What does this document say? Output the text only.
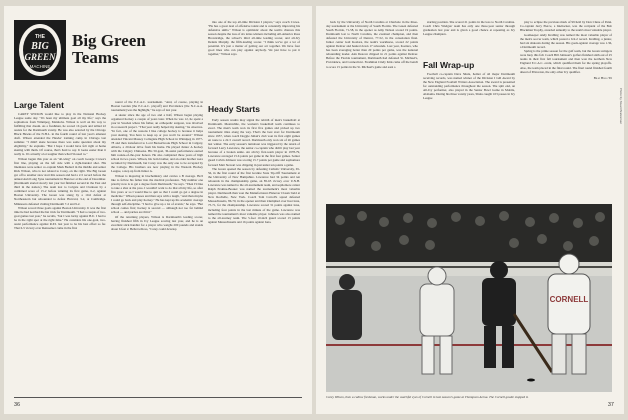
THE
BIG
GREEN
MACHINE
Big Green
Teams
Large Talent

CAREY WILSON would like to play in the National Hockey League some day. "It's been my ultimate goal all my life," says the sophomore from Winnipeg, Manitoba. Wilson is well on his way to fulfilling that dream. As a freshman, he scored 16 goals and tallied 22 assists for the Dartmouth varsity. He was also selected by the Chicago Black Hawks of the N.H.L. in the fourth round of last year's amateur draft. Wilson attended the Hawks' training camp in Chicago last summer. "I didn't skate because there was some question about my eligibility," he explains. "But I hope I would have felt right at home skating with them. Of course, that's hard to say. It looks easier than it really is. It's actually a lot tougher than what I'm used to."

Wilson began this year as an "all-wing" on coach George Crowe's first line, playing on the left side with a right-handed shot. His linemates were senior co-captain Mark Bedard in the middle and senior Rick Wilson, who is not related to Carey, on the right. The Big Green got off to another slow start this season and had a 2-5 record before the annual Auld Lang Syne tournament in Hanover at the end of December. (Dartmouth started slowly last year but finished second in the East and third in the nation.) The team lost to Colgate and Clarkson by a combined score of 15-2 before winning its first game, 6-2, against Boston University. The Green was stung by a 10-6 defeat at Northeastern but rebounded to defeat Harvard, 3-2, at Cambridge. Minnesota defeated visiting Dartmouth 7-2 and 9-2.

Wilson scored three goals against Boston University. It was the first time he had notched the hat trick for Dartmouth. "I had a couple of two-goal games last year," he recalls, "but I was lucky against B.U. I had to be in the right spot at the right time." He considers his one-goal, two-assist performance against R.P.I. last year to be his best effort so far. That 6-5 victory over Rensselaer came in the first

round of the E.C.A.C. tournament. "And, of course, playing in Boston Garden [the E.C.A.C. playoff] and Providence [the N.C.A.A. tournament] was the highlight," he says of last year.

A skater since the age of two and a half, Wilson began playing organized hockey a couple of years later. When he was 12, he spent a year in Sweden where his father, an orthopedic surgeon, was involved in a research project. "That year really helped my skating," he observes. "In fact, one of the reasons I like college hockey is because it helps your skating. You have to keep up or you won't be around." Wilson attended Vincent Massey Collegiate High School in Winnipeg in 1977-78 and then transferred to Lord Beaverbrook High School in Calgary, Alberta, a 20-hour drive from his home. He played Junior A hockey with the Calgary Chinooks. His 50-goal, 36-assist performance earned him rookie-of-the-year honors. He also completed three years of high school in two years. Wilson, his twin brother, and an older brother were recruited by Dartmouth, but Carey was the only one to be accepted by the College. His brothers are now playing in the Western Hockey League, a step up from Junior A.

Wilson is majoring in biochemistry and carries a B average. He'd like to follow his father into the medical profession. "My number one priority now is to get a degree from Dartmouth," he says. "Then I'd like to take a shot at the pros. I wouldn't want to do that all my life, so after five years or so I would like to quit so that I could go get a degree in medicine." Wilson pauses and then says with a laugh, "And then maybe I could go back and play hockey." He has kept up his academic average through self-discipline. "I had to give up a lot of events," he says. "But school comes first; hockey is second — although not too far behind school — and parties are third."

Of the returning players, Wilson is Dartmouth's leading scorer, having finished fifth in Ivy League scoring last year, and he is an excellent stick handler for a player who weighs 200 pounds and stands about 6 feet 2. Bellet tells us, "Carey could develop

into one of the top all-time Division I players," says coach Crowe. "He has a great deal of offensive talent and is constantly improving his defensive skills." Wilson is optimistic about the team's chances this season despite the loss of six letter-winners including All-America Ross Brownridge, the school's third all-time leading scorer, and all-Ivy Dennis Murphy, the fifth-leading scorer. "I think we've got a lot of potential. It's just a matter of getting our act together. We have four good lines who can play against anybody. We just have to put it together," Wilson says.

Heady Starts

Early season results may signal the rebirth of men's basketball at Dartmouth. Meanwhile, the women's basketball team continues to excel. The men's team won its first five games and picked up two tournament titles along the way. That's the best start for Dartmouth since 1957, when coach Doggie Julian's club won its first eight games en route to a 22-5 overall record. Dartmouth only won six of 26 games last winter. The early season's turnabout was triggered by the return of forward Larry Lawrence, the senior co-captain who didn't play last year because of a broken ankle. An all-Ivy first-team player in 1978-79, Lawrence averaged 15.6 points per game in the first four games. Senior guard Calvin Johnson was scoring 15.7 points per game and sophomore forward Matt Stewart was chipping in just under ten points a game.

The Green opened the season by defeating Catholic University, 65-56, in the first round of the first Granite State Tip-Off Tournament at the University of New Hampshire. Lawrence had 34 points and ten rebounds in the championship game, an 85-65 victory over U.N.H. Lawrence was named to the all-tournament team, and sophomore center Ralph Erskine-Booker was named the tournament's most valuable player. Dartmouth then won the Manufacturers Hanover Classic held at New Rochelle, New York. Coach Tom Carroll's squad defeated Massachusetts, 86-70, in the opener and then triumphed over host Iona, 75-71, for the championship. Lawrence scored 31 points against Iona, including four points in the last minute of the game. Lawrence was named the tournament's most valuable player. Johnson was also named to the all-tourney team. The 5-foot 10-inch guard scored 13 points against Massachusetts and 16 points against Iona.

36

back by the University of North Carolina at Charlotte in the three-day tournament at the University of South Florida. The Green defeated South Florida, 71-58, in the opener as Amy Nelson scored 19 points. Dartmouth lost to North Carolina, the eventual champion, and then defeated the University of Denver, 77-52, in the consolation final. Junior center Gail Koziara, the team's workhorse, scored 22 points against Denver and hauled down 17 rebounds. Last year, Koziara, who has been averaging better than 20 points per game, was the national rebounding leader. Ann Deacon chipped in 21 points against Denver. Before the Florida tournament, Dartmouth had defeated St. Michael's, Providence, and Connecticut. Freshman Cindy Kirk came off the bench to score 15 points in the St. Michael's game and earn a

starting position. She scored 21 points in the loss to North Carolina. Coach Chris Wielgus' team has only one three-year senior through graduation last year and is given a good chance at repeating as Ivy League champion.

Fall Wrap-up

Football co-captain Dave Shula, holder of all major Dartmouth receiving records, was named winner of the Division I Gill Award by the New England Football Writers Association. The award is presented for outstanding performance throughout the season. The split end, an All-Ivy performer, also played in the Senior Bowl Game in Mobile, Alabama. During his three varsity years, Shula caught 103 passes in Ivy League

play to eclipse the previous mark of 99 held by Don Clune of Penn. Co-captain Jerry Pierce, a linebacker, was the recipient of the Bob Blackman Trophy, awarded annually to the team's most valuable player.

Goalkeeper Andy Kralling was named the most valuable player of the men's soccer team, which posted a 6-9-2 record. Kralling, a junior, had six shutouts during the season. His goals-against average was 1.36, a Dartmouth record.

Spring is the prime season for the golf team, but the Green swingers were busy this fall. Coach Bill Johnson's golfers finished sixth out of 25 teams in their first fall tournament and then won the northern New England E.C.A.C. event, which qualified them for the spring playoffs. Also, the team placed in the final round. The final round finished fourth ahead of Princeton, the only other Ivy qualifier.

Brad Hills '65
Photo by Stuart Bratesman
CORNELL
Carey Wilson, then a callow freshman, works under the watchful eyes of Cornell in last season's game at Thompson Arena. The Cornell goalie stopped it.
37
